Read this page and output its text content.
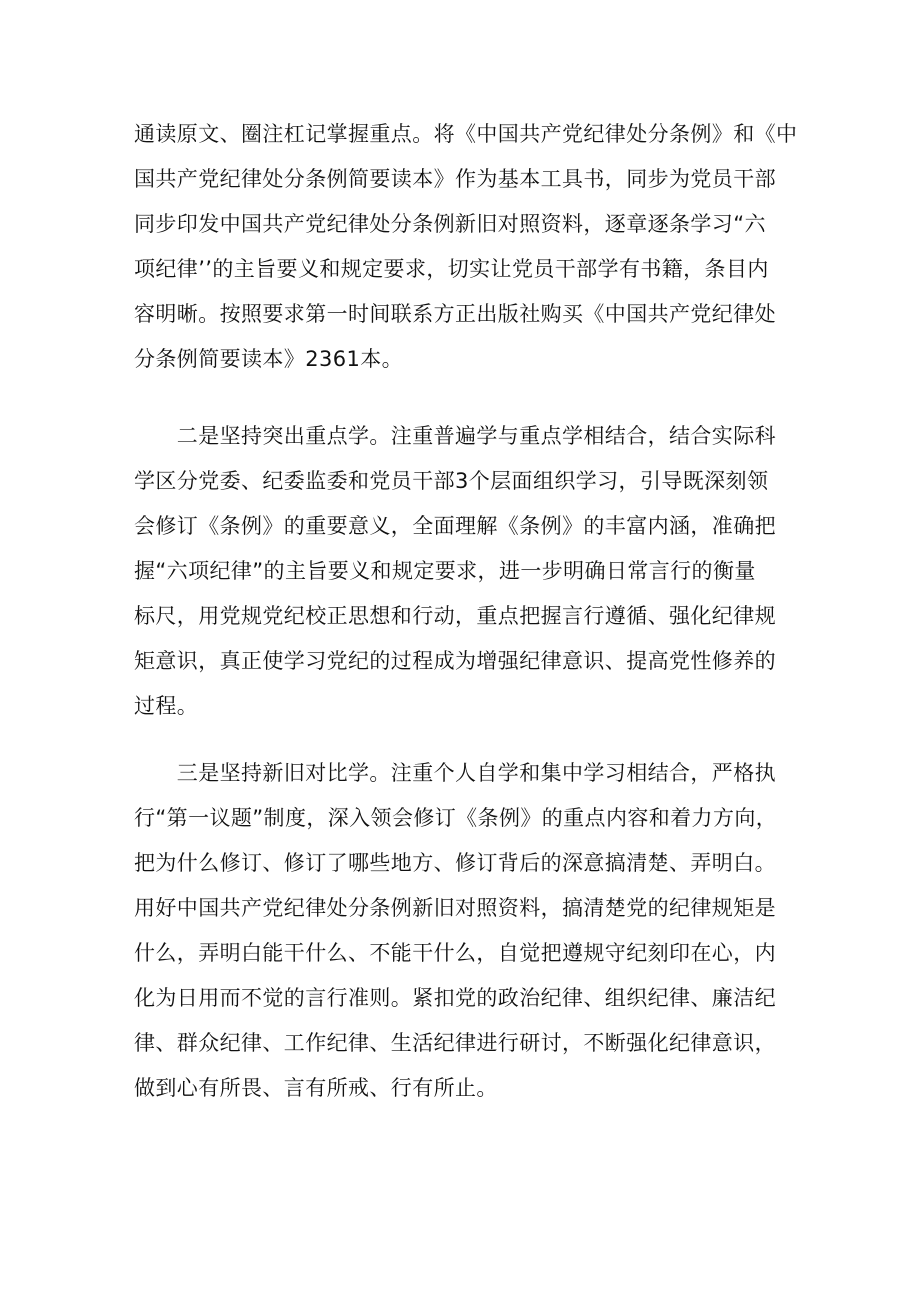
通读原文、圈注杠记掌握重点。将《中国共产党纪律处分条例》和《中
国共产党纪律处分条例简要读本》作为基本工具书，同步为党员干部
同步印发中国共产党纪律处分条例新旧对照资料，逐章逐条学习“六
项纪律’’的主旨要义和规定要求，切实让党员干部学有书籍，条目内
容明晰。按照要求第一时间联系方正出版社购买《中国共产党纪律处
分条例简要读本》2361本。
　　二是坚持突出重点学。注重普遍学与重点学相结合，结合实际科
学区分党委、纪委监委和党员干部3个层面组织学习，引导既深刻领
会修订《条例》的重要意义，全面理解《条例》的丰富内涵，准确把
握“六项纪律”的主旨要义和规定要求，进一步明确日常言行的衡量
标尺，用党规党纪校正思想和行动，重点把握言行遵循、强化纪律规
矩意识，真正使学习党纪的过程成为增强纪律意识、提高党性修养的
过程。
　　三是坚持新旧对比学。注重个人自学和集中学习相结合，严格执
行“第一议题”制度，深入领会修订《条例》的重点内容和着力方向，
把为什么修订、修订了哪些地方、修订背后的深意搞清楚、弄明白。
用好中国共产党纪律处分条例新旧对照资料，搞清楚党的纪律规矩是
什么，弄明白能干什么、不能干什么，自觉把遵规守纪刻印在心，内
化为日用而不觉的言行准则。紧扣党的政治纪律、组织纪律、廉洁纪
律、群众纪律、工作纪律、生活纪律进行研讨，不断强化纪律意识，
做到心有所畏、言有所戒、行有所止。
